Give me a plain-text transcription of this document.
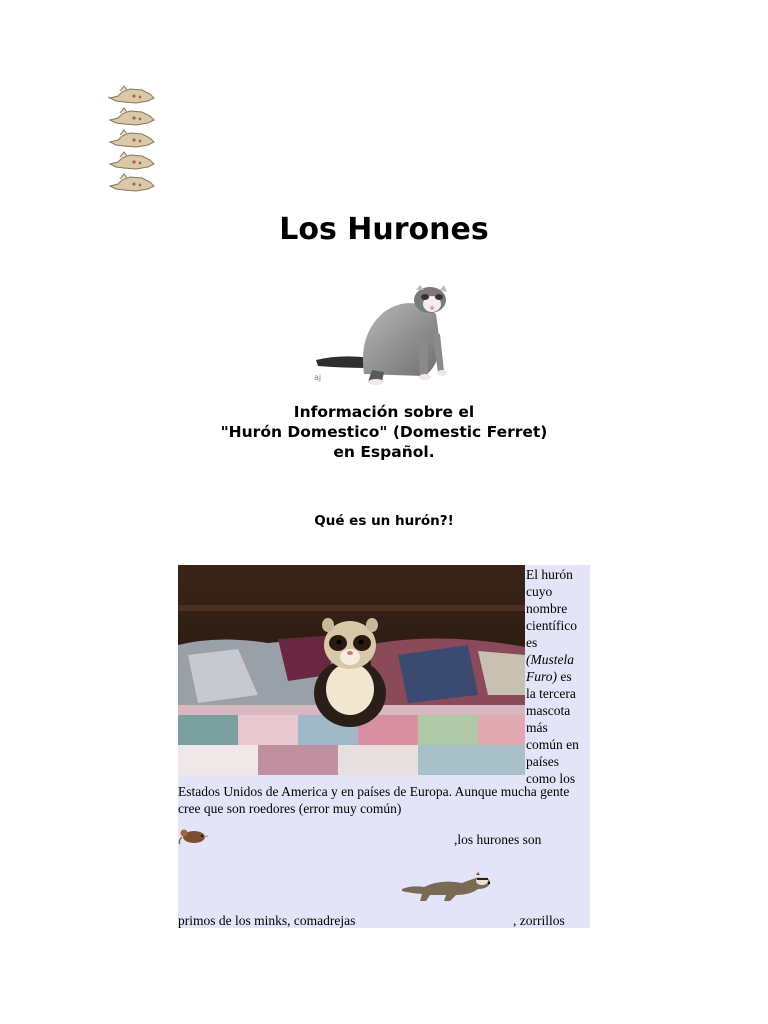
Los Hurones
aj
Información sobre el
"Hurón Domestico" (Domestic Ferret)
en Español.
Qué es un hurón?!
El hurón
cuyo
nombre
científico
es
(Mustela Furo) es
la tercera
mascota
más
común en
países
como los
Estados Unidos de America y en países de Europa. Aunque mucha gente cree que son roedores (error muy común)
,los hurones son
primos de los minks, comadrejas	, zorrillos
